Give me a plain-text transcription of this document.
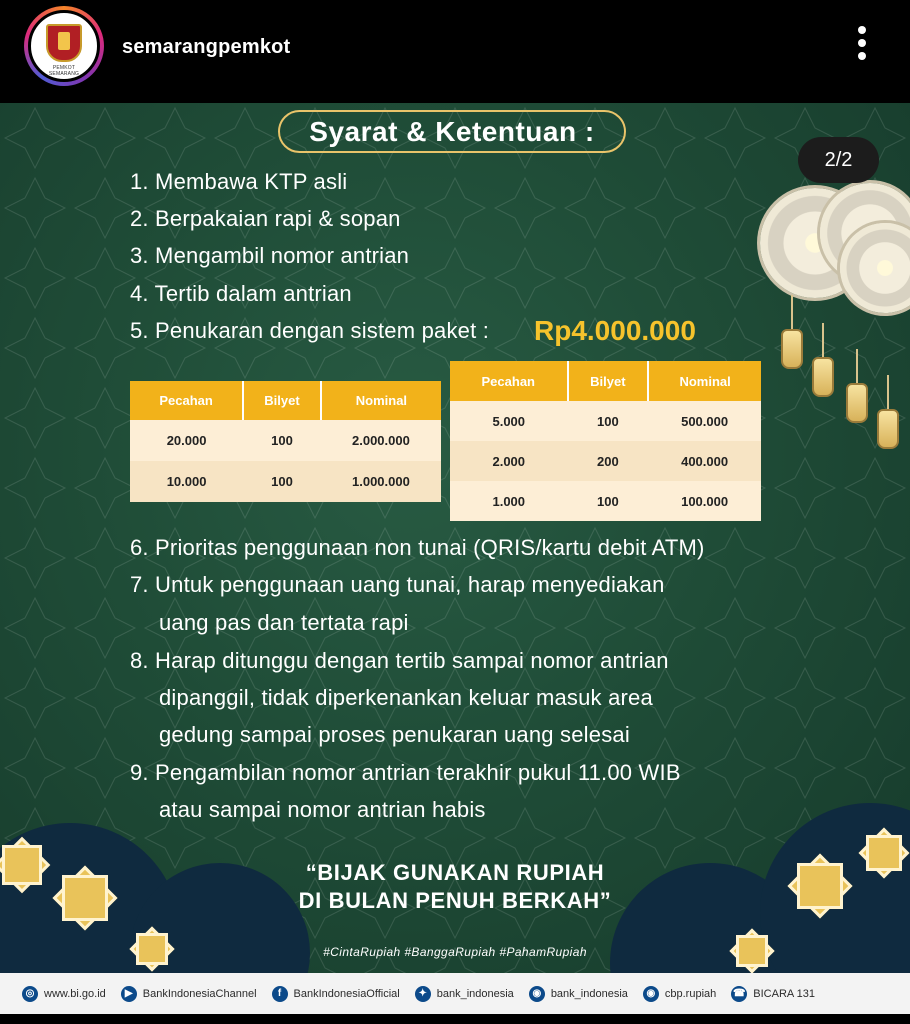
PEMKOT SEMARANG
semarangpemkot
Syarat & Ketentuan :
2/2
1. Membawa KTP asli
2. Berpakaian rapi & sopan
3. Mengambil nomor antrian
4. Tertib dalam antrian
5. Penukaran dengan sistem paket : Rp4.000.000
Pecahan	Bilyet	Nominal
20.000	100	2.000.000
10.000	100	1.000.000
Pecahan	Bilyet	Nominal
5.000	100	500.000
2.000	200	400.000
1.000	100	100.000
6. Prioritas penggunaan non tunai (QRIS/kartu debit ATM)
7. Untuk penggunaan uang tunai, harap menyediakan
uang pas dan tertata rapi
8. Harap ditunggu dengan tertib sampai nomor antrian
dipanggil, tidak diperkenankan keluar masuk area
gedung sampai proses penukaran uang selesai
9. Pengambilan nomor antrian terakhir pukul 11.00 WIB
atau sampai nomor antrian habis
“BIJAK GUNAKAN RUPIAH
DI BULAN PENUH BERKAH”
#CintaRupiah #BanggaRupiah #PahamRupiah
◎ www.bi.go.id	▶ BankIndonesiaChannel	f	BankIndonesiaOfficial	✦ bank_indonesia	◉ bank_indonesia	◉ cbp.rupiah ☎ BICARA 131
